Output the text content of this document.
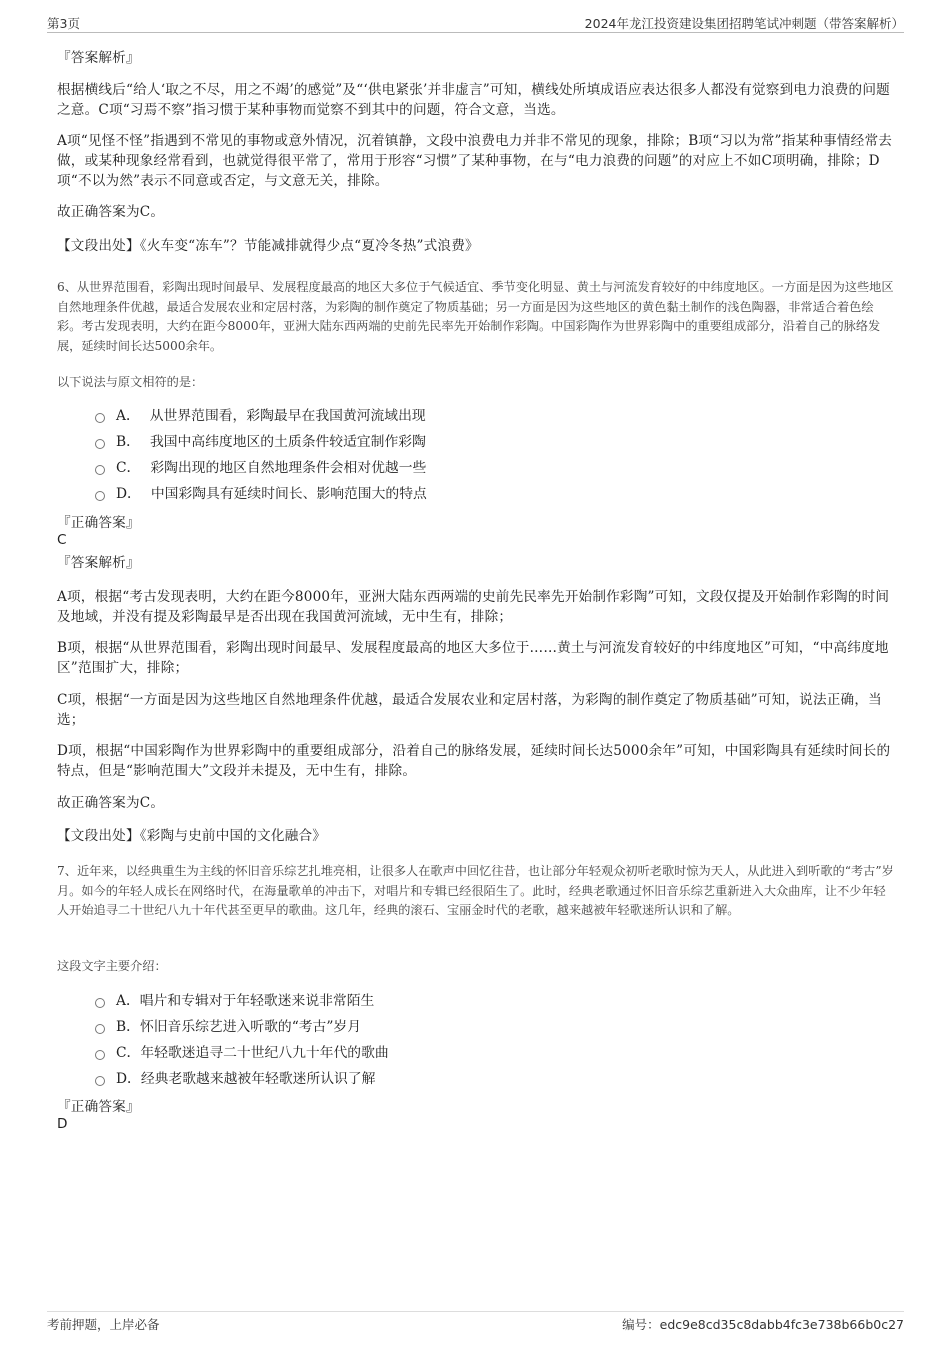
第3页	2024年龙江投资建设集团招聘笔试冲刺题（带答案解析）
『答案解析』
根据横线后“给人‘取之不尽，用之不竭’的感觉”及“‘供电紧张’并非虚言”可知，横线处所填成语应表达很多人都没有觉察到电力浪费的问题之意。C项“习焉不察”指习惯于某种事物而觉察不到其中的问题，符合文意，当选。
A项“见怪不怪”指遇到不常见的事物或意外情况，沉着镇静，文段中浪费电力并非不常见的现象，排除；B项“习以为常”指某种事情经常去做，或某种现象经常看到，也就觉得很平常了，常用于形容“习惯”了某种事物，在与“电力浪费的问题”的对应上不如C项明确，排除；D项“不以为然”表示不同意或否定，与文意无关，排除。
故正确答案为C。
【文段出处】《火车变“冻车”？节能减排就得少点“夏冷冬热”式浪费》
6、从世界范围看，彩陶出现时间最早、发展程度最高的地区大多位于气候适宜、季节变化明显、黄土与河流发育较好的中纬度地区。一方面是因为这些地区自然地理条件优越，最适合发展农业和定居村落，为彩陶的制作奠定了物质基础；另一方面是因为这些地区的黄色黏土制作的浅色陶器，非常适合着色绘彩。考古发现表明，大约在距今8000年，亚洲大陆东西两端的史前先民率先开始制作彩陶。中国彩陶作为世界彩陶中的重要组成部分，沿着自己的脉络发展，延续时间长达5000余年。
以下说法与原文相符的是：
A． 从世界范围看，彩陶最早在我国黄河流域出现
B． 我国中高纬度地区的土质条件较适宜制作彩陶
C． 彩陶出现的地区自然地理条件会相对优越一些
D． 中国彩陶具有延续时间长、影响范围大的特点
『正确答案』
C
『答案解析』
A项，根据“考古发现表明，大约在距今8000年，亚洲大陆东西两端的史前先民率先开始制作彩陶”可知，文段仅提及开始制作彩陶的时间及地域，并没有提及彩陶最早是否出现在我国黄河流域，无中生有，排除；
B项，根据“从世界范围看，彩陶出现时间最早、发展程度最高的地区大多位于……黄土与河流发育较好的中纬度地区”可知，“中高纬度地区”范围扩大，排除；
C项，根据“一方面是因为这些地区自然地理条件优越，最适合发展农业和定居村落，为彩陶的制作奠定了物质基础”可知，说法正确，当选；
D项，根据“中国彩陶作为世界彩陶中的重要组成部分，沿着自己的脉络发展，延续时间长达5000余年”可知，中国彩陶具有延续时间长的特点，但是“影响范围大”文段并未提及，无中生有，排除。
故正确答案为C。
【文段出处】《彩陶与史前中国的文化融合》
7、近年来，以经典重生为主线的怀旧音乐综艺扎堆亮相，让很多人在歌声中回忆往昔，也让部分年轻观众初听老歌时惊为天人，从此进入到听歌的“考古”岁月。如今的年轻人成长在网络时代，在海量歌单的冲击下，对唱片和专辑已经很陌生了。此时，经典老歌通过怀旧音乐综艺重新进入大众曲库，让不少年轻人开始追寻二十世纪八九十年代甚至更早的歌曲。这几年，经典的滚石、宝丽金时代的老歌，越来越被年轻歌迷所认识和了解。
这段文字主要介绍：
A． 唱片和专辑对于年轻歌迷来说非常陌生
B． 怀旧音乐综艺进入听歌的“考古”岁月
C． 年轻歌迷追寻二十世纪八九十年代的歌曲
D． 经典老歌越来越被年轻歌迷所认识了解
『正确答案』
D
考前押题，上岸必备	编号：edc9e8cd35c8dabb4fc3e738b66b0c27
